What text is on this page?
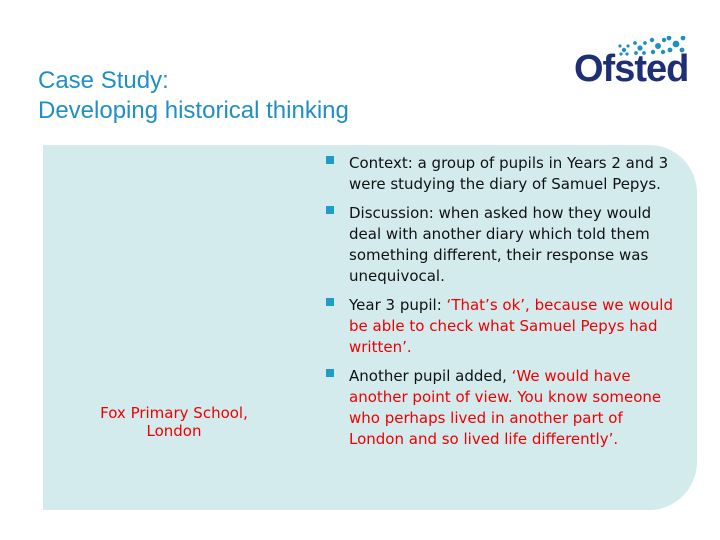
Case Study:
Developing historical thinking
Ofsted
Fox Primary School, London
Context: a group of pupils in Years 2 and 3 were studying the diary of Samuel Pepys.
Discussion: when asked how they would deal with another diary which told them something different, their response was unequivocal.
Year 3 pupil: ‘That’s ok’, because we would be able to check what Samuel Pepys had written’.
Another pupil added, ‘We would have another point of view. You know someone who perhaps lived in another part of London and so lived life differently’.
